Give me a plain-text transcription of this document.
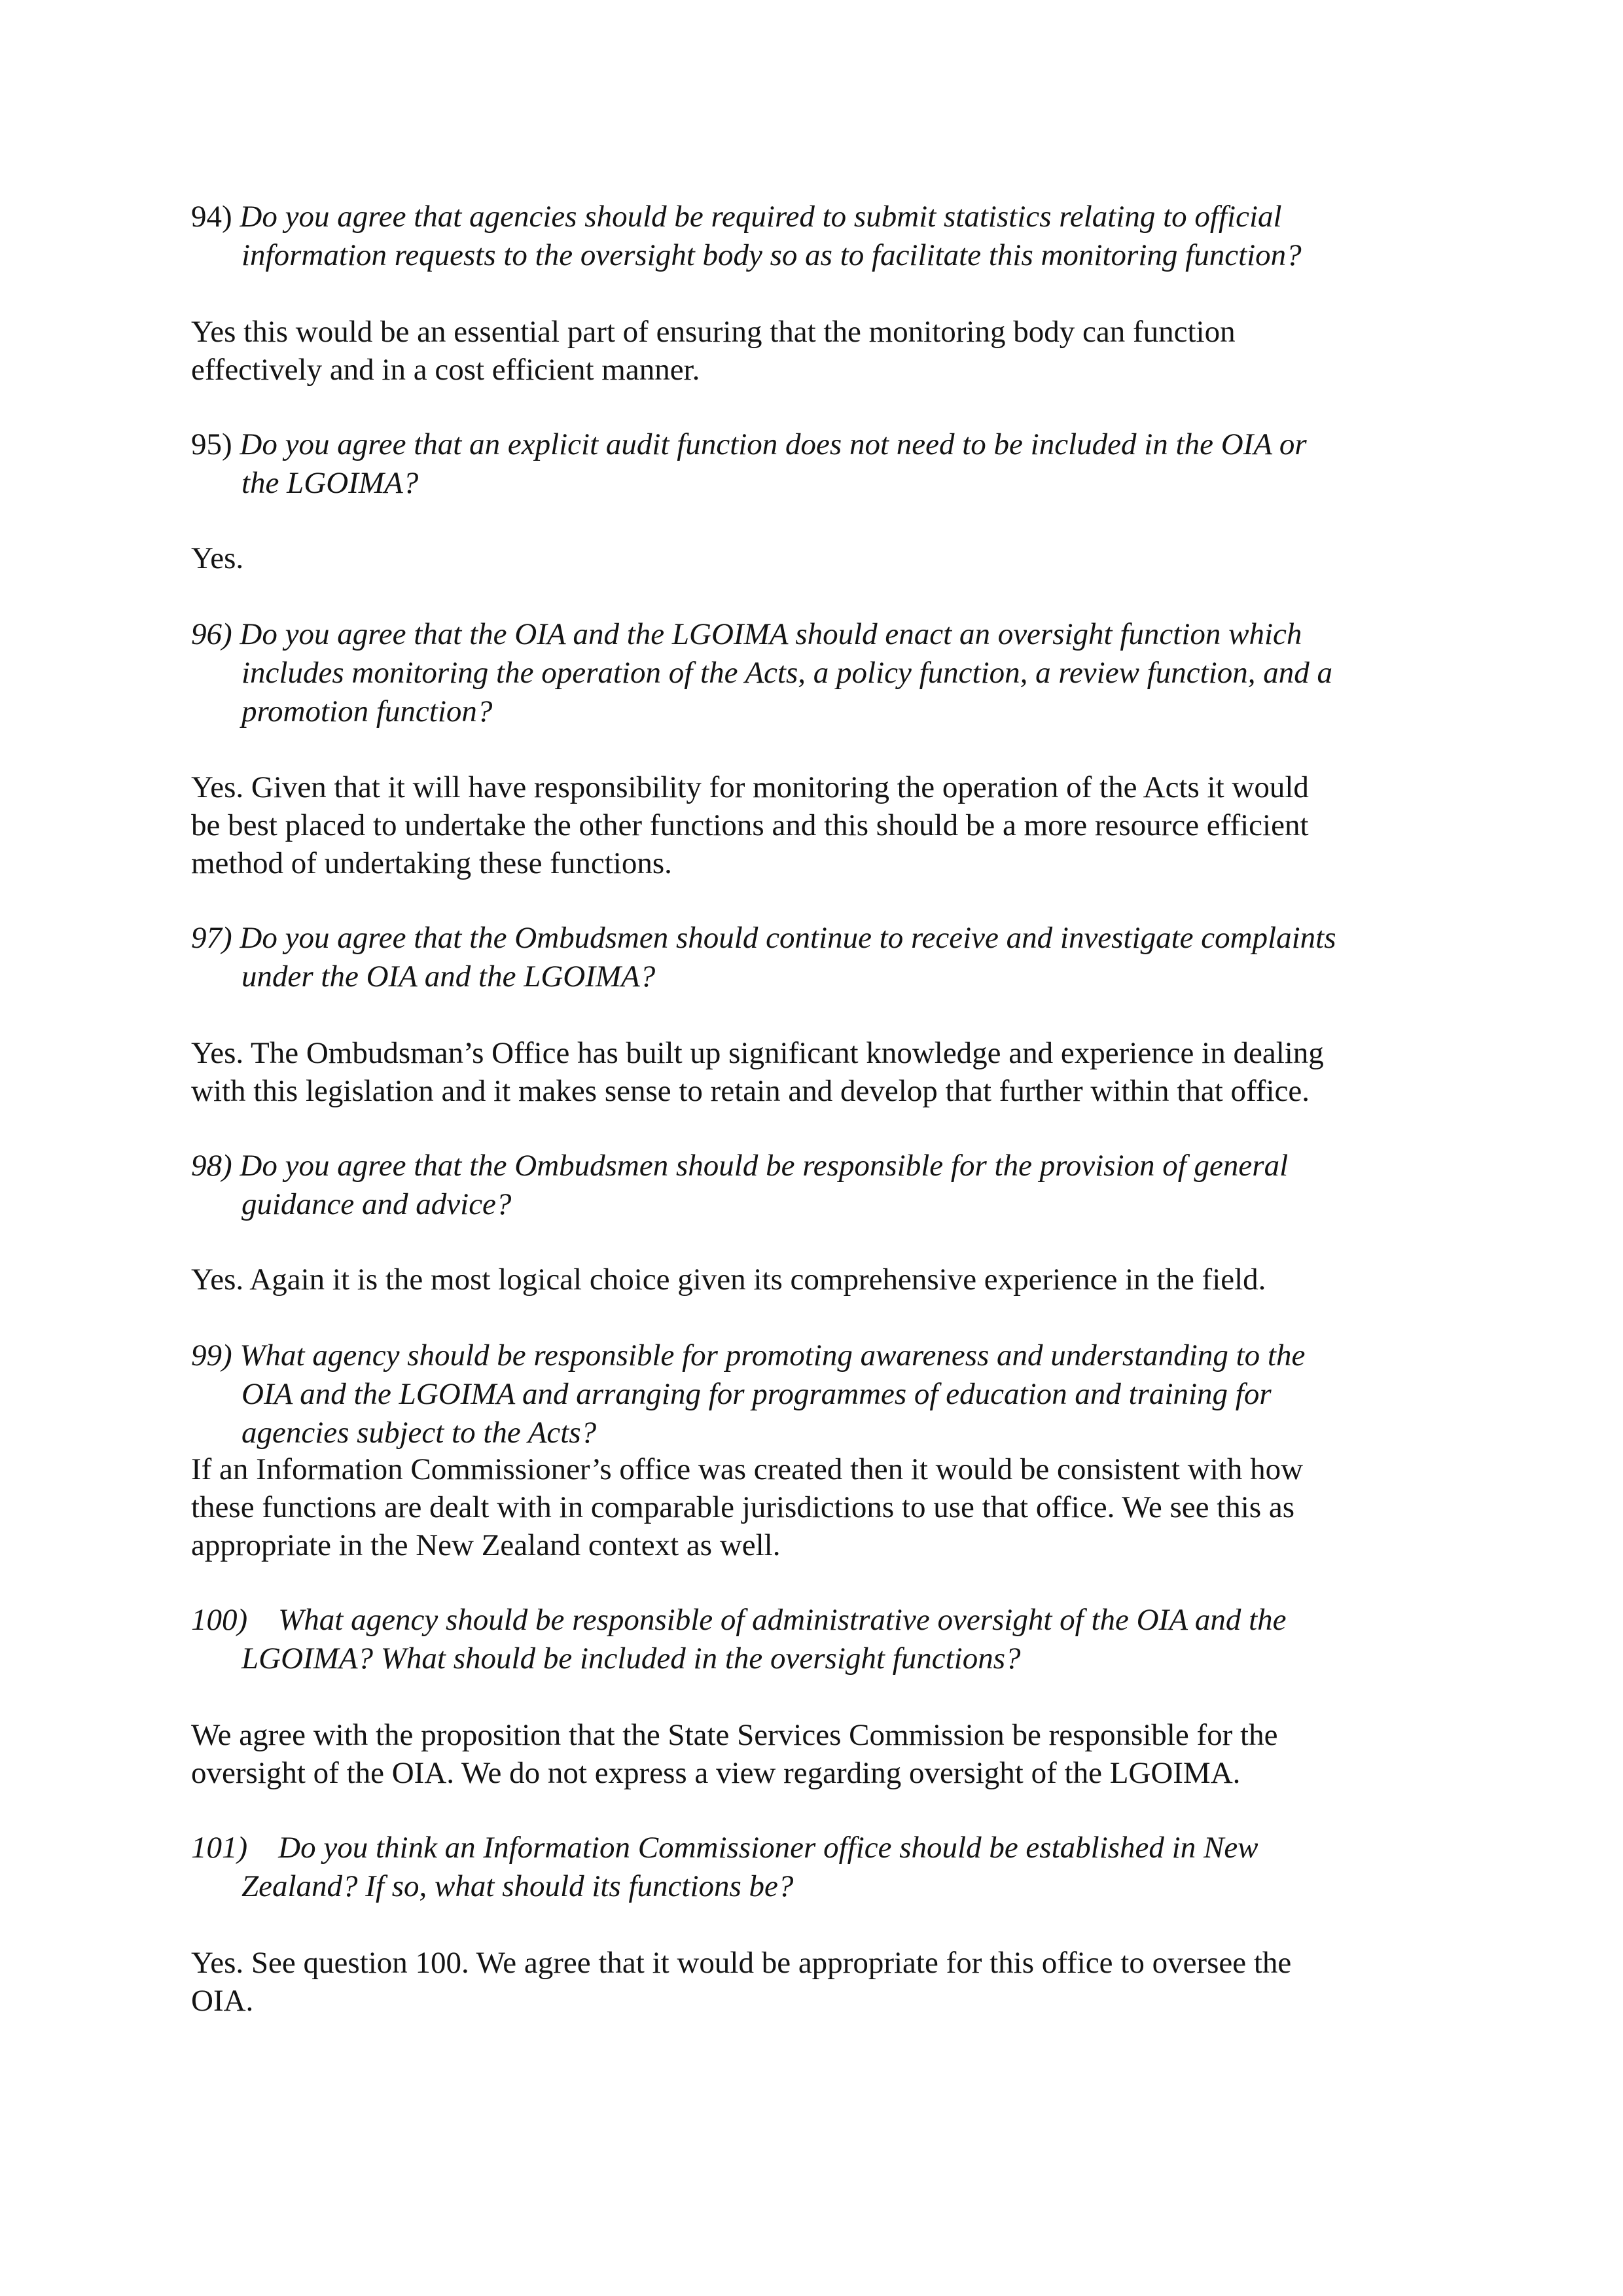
94) Do you agree that agencies should be required to submit statistics relating to official
information requests to the oversight body so as to facilitate this monitoring function?
Yes this would be an essential part of ensuring that the monitoring body can function
effectively and in a cost efficient manner.
95) Do you agree that an explicit audit function does not need to be included in the OIA or
the LGOIMA?
Yes.
96) Do you agree that the OIA and the LGOIMA should enact an oversight function which
includes monitoring the operation of the Acts, a policy function, a review function, and a
promotion function?
Yes. Given that it will have responsibility for monitoring the operation of the Acts it would
be best placed to undertake the other functions and this should be a more resource efficient
method of undertaking these functions.
97) Do you agree that the Ombudsmen should continue to receive and investigate complaints
under the OIA and the LGOIMA?
Yes. The Ombudsman’s Office has built up significant knowledge and experience in dealing
with this legislation and it makes sense to retain and develop that further within that office.
98) Do you agree that the Ombudsmen should be responsible for the provision of general
guidance and advice?
Yes. Again it is the most logical choice given its comprehensive experience in the field.
99) What agency should be responsible for promoting awareness and understanding to the
OIA and the LGOIMA and arranging for programmes of education and training for
agencies subject to the Acts?
If an Information Commissioner’s office was created then it would be consistent with how
these functions are dealt with in comparable jurisdictions to use that office. We see this as
appropriate in the New Zealand context as well.
100) What agency should be responsible of administrative oversight of the OIA and the
LGOIMA? What should be included in the oversight functions?
We agree with the proposition that the State Services Commission be responsible for the
oversight of the OIA. We do not express a view regarding oversight of the LGOIMA.
101) Do you think an Information Commissioner office should be established in New
Zealand? If so, what should its functions be?
Yes. See question 100. We agree that it would be appropriate for this office to oversee the
OIA.
